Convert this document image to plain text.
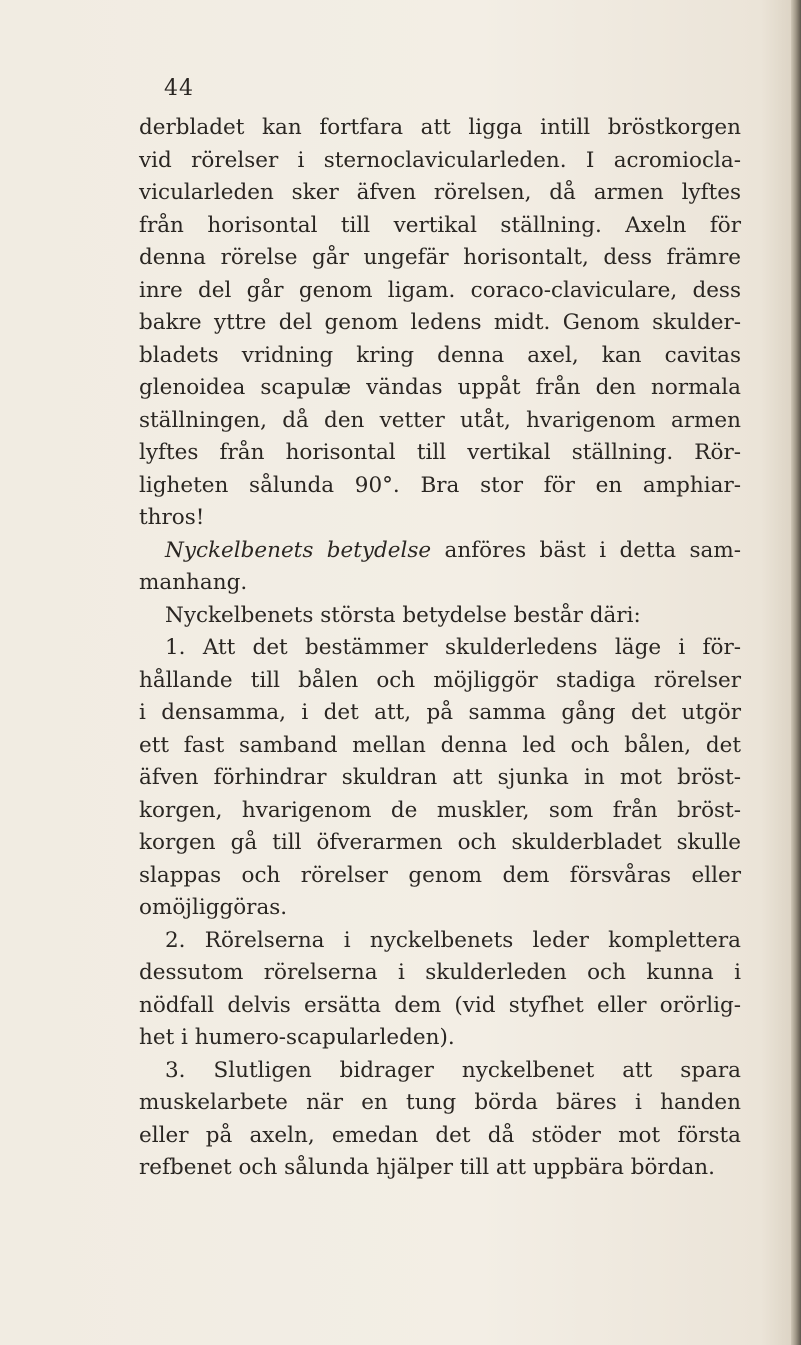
44
derbladet kan fortfara att ligga intill bröstkorgen
vid rörelser i sternoclavicularleden. I acromiocla-
vicularleden sker äfven rörelsen, då armen lyftes
från horisontal till vertikal ställning. Axeln för
denna rörelse går ungefär horisontalt, dess främre
inre del går genom ligam. coraco-claviculare, dess
bakre yttre del genom ledens midt. Genom skulder-
bladets vridning kring denna axel, kan cavitas
glenoidea scapulæ vändas uppåt från den normala
ställningen, då den vetter utåt, hvarigenom armen
lyftes från horisontal till vertikal ställning. Rör-
ligheten sålunda 90°. Bra stor för en amphiar-
thros!
Nyckelbenets betydelse anföres bäst i detta sam-
manhang.
Nyckelbenets största betydelse består däri:
1. Att det bestämmer skulderledens läge i för-
hållande till bålen och möjliggör stadiga rörelser
i densamma, i det att, på samma gång det utgör
ett fast samband mellan denna led och bålen, det
äfven förhindrar skuldran att sjunka in mot bröst-
korgen, hvarigenom de muskler, som från bröst-
korgen gå till öfverarmen och skulderbladet skulle
slappas och rörelser genom dem försvåras eller
omöjliggöras.
2. Rörelserna i nyckelbenets leder komplettera
dessutom rörelserna i skulderleden och kunna i
nödfall delvis ersätta dem (vid styfhet eller orörlig-
het i humero-scapularleden).
3. Slutligen bidrager nyckelbenet att spara
muskelarbete när en tung börda bäres i handen
eller på axeln, emedan det då stöder mot första
refbenet och sålunda hjälper till att uppbära bördan.
